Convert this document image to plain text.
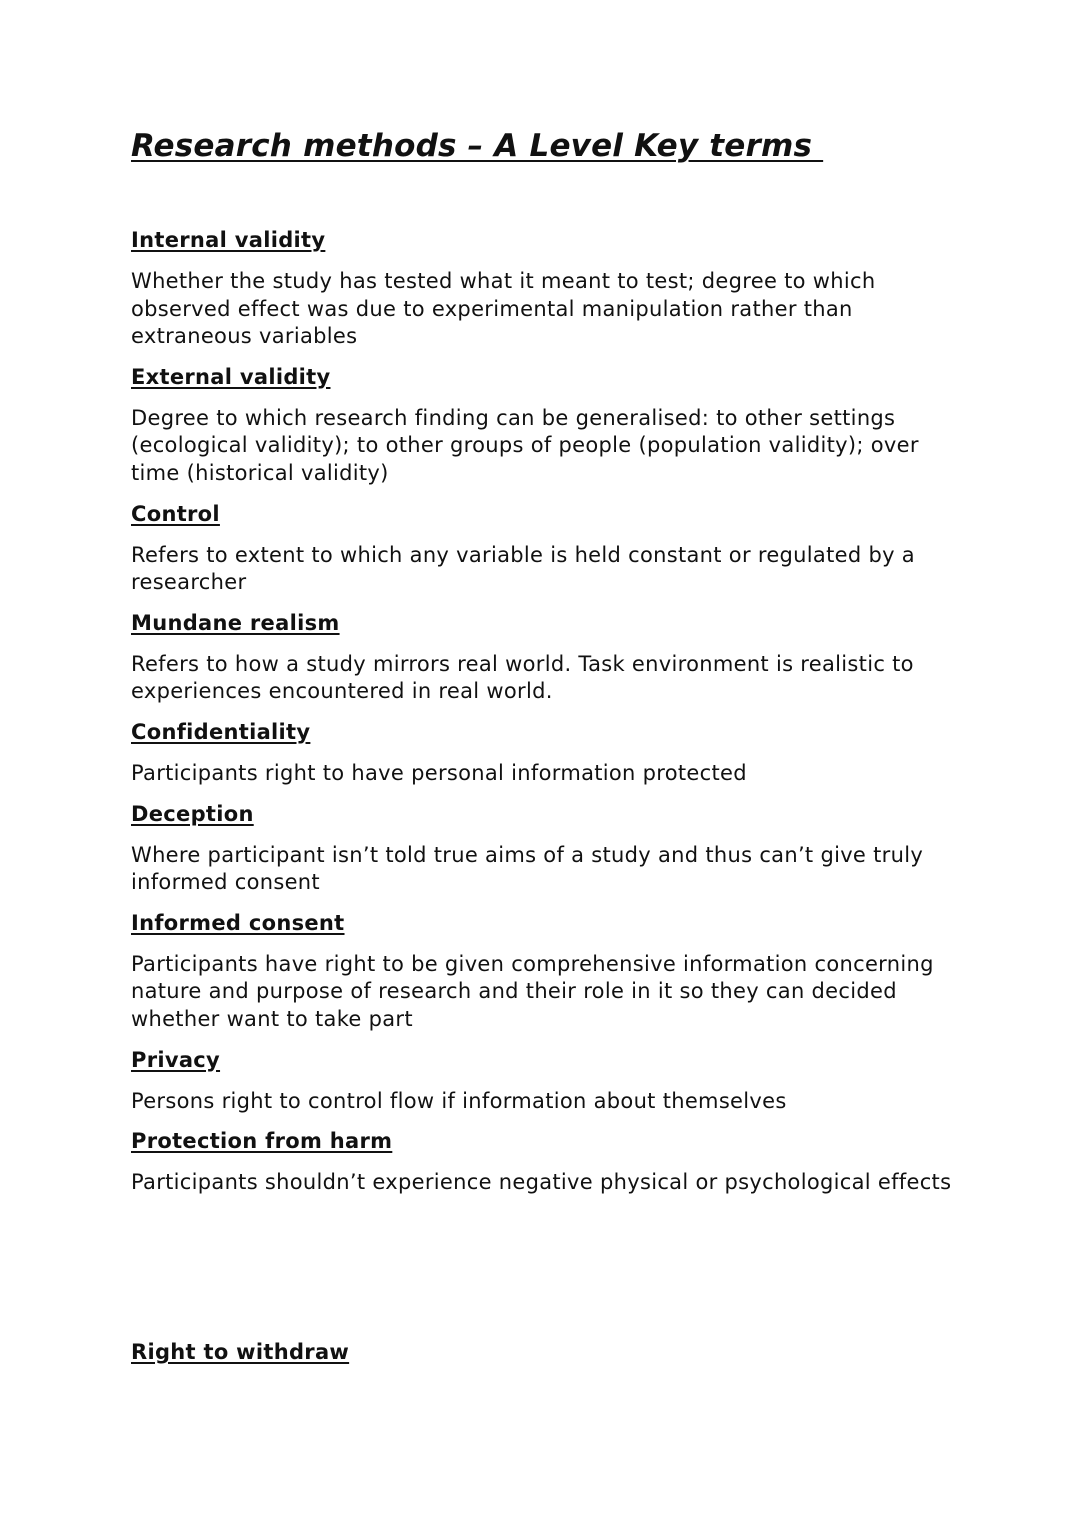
Research methods – A Level Key terms
Internal validity
Whether the study has tested what it meant to test; degree to which observed effect was due to experimental manipulation rather than extraneous variables
External validity
Degree to which research finding can be generalised: to other settings (ecological validity); to other groups of people (population validity); over time (historical validity)
Control
Refers to extent to which any variable is held constant or regulated by a researcher
Mundane realism
Refers to how a study mirrors real world. Task environment is realistic to experiences encountered in real world.
Confidentiality
Participants right to have personal information protected
Deception
Where participant isn’t told true aims of a study and thus can’t give truly informed consent
Informed consent
Participants have right to be given comprehensive information concerning nature and purpose of research and their role in it so they can decided whether want to take part
Privacy
Persons right to control flow if information about themselves
Protection from harm
Participants shouldn’t experience negative physical or psychological effects
Right to withdraw
